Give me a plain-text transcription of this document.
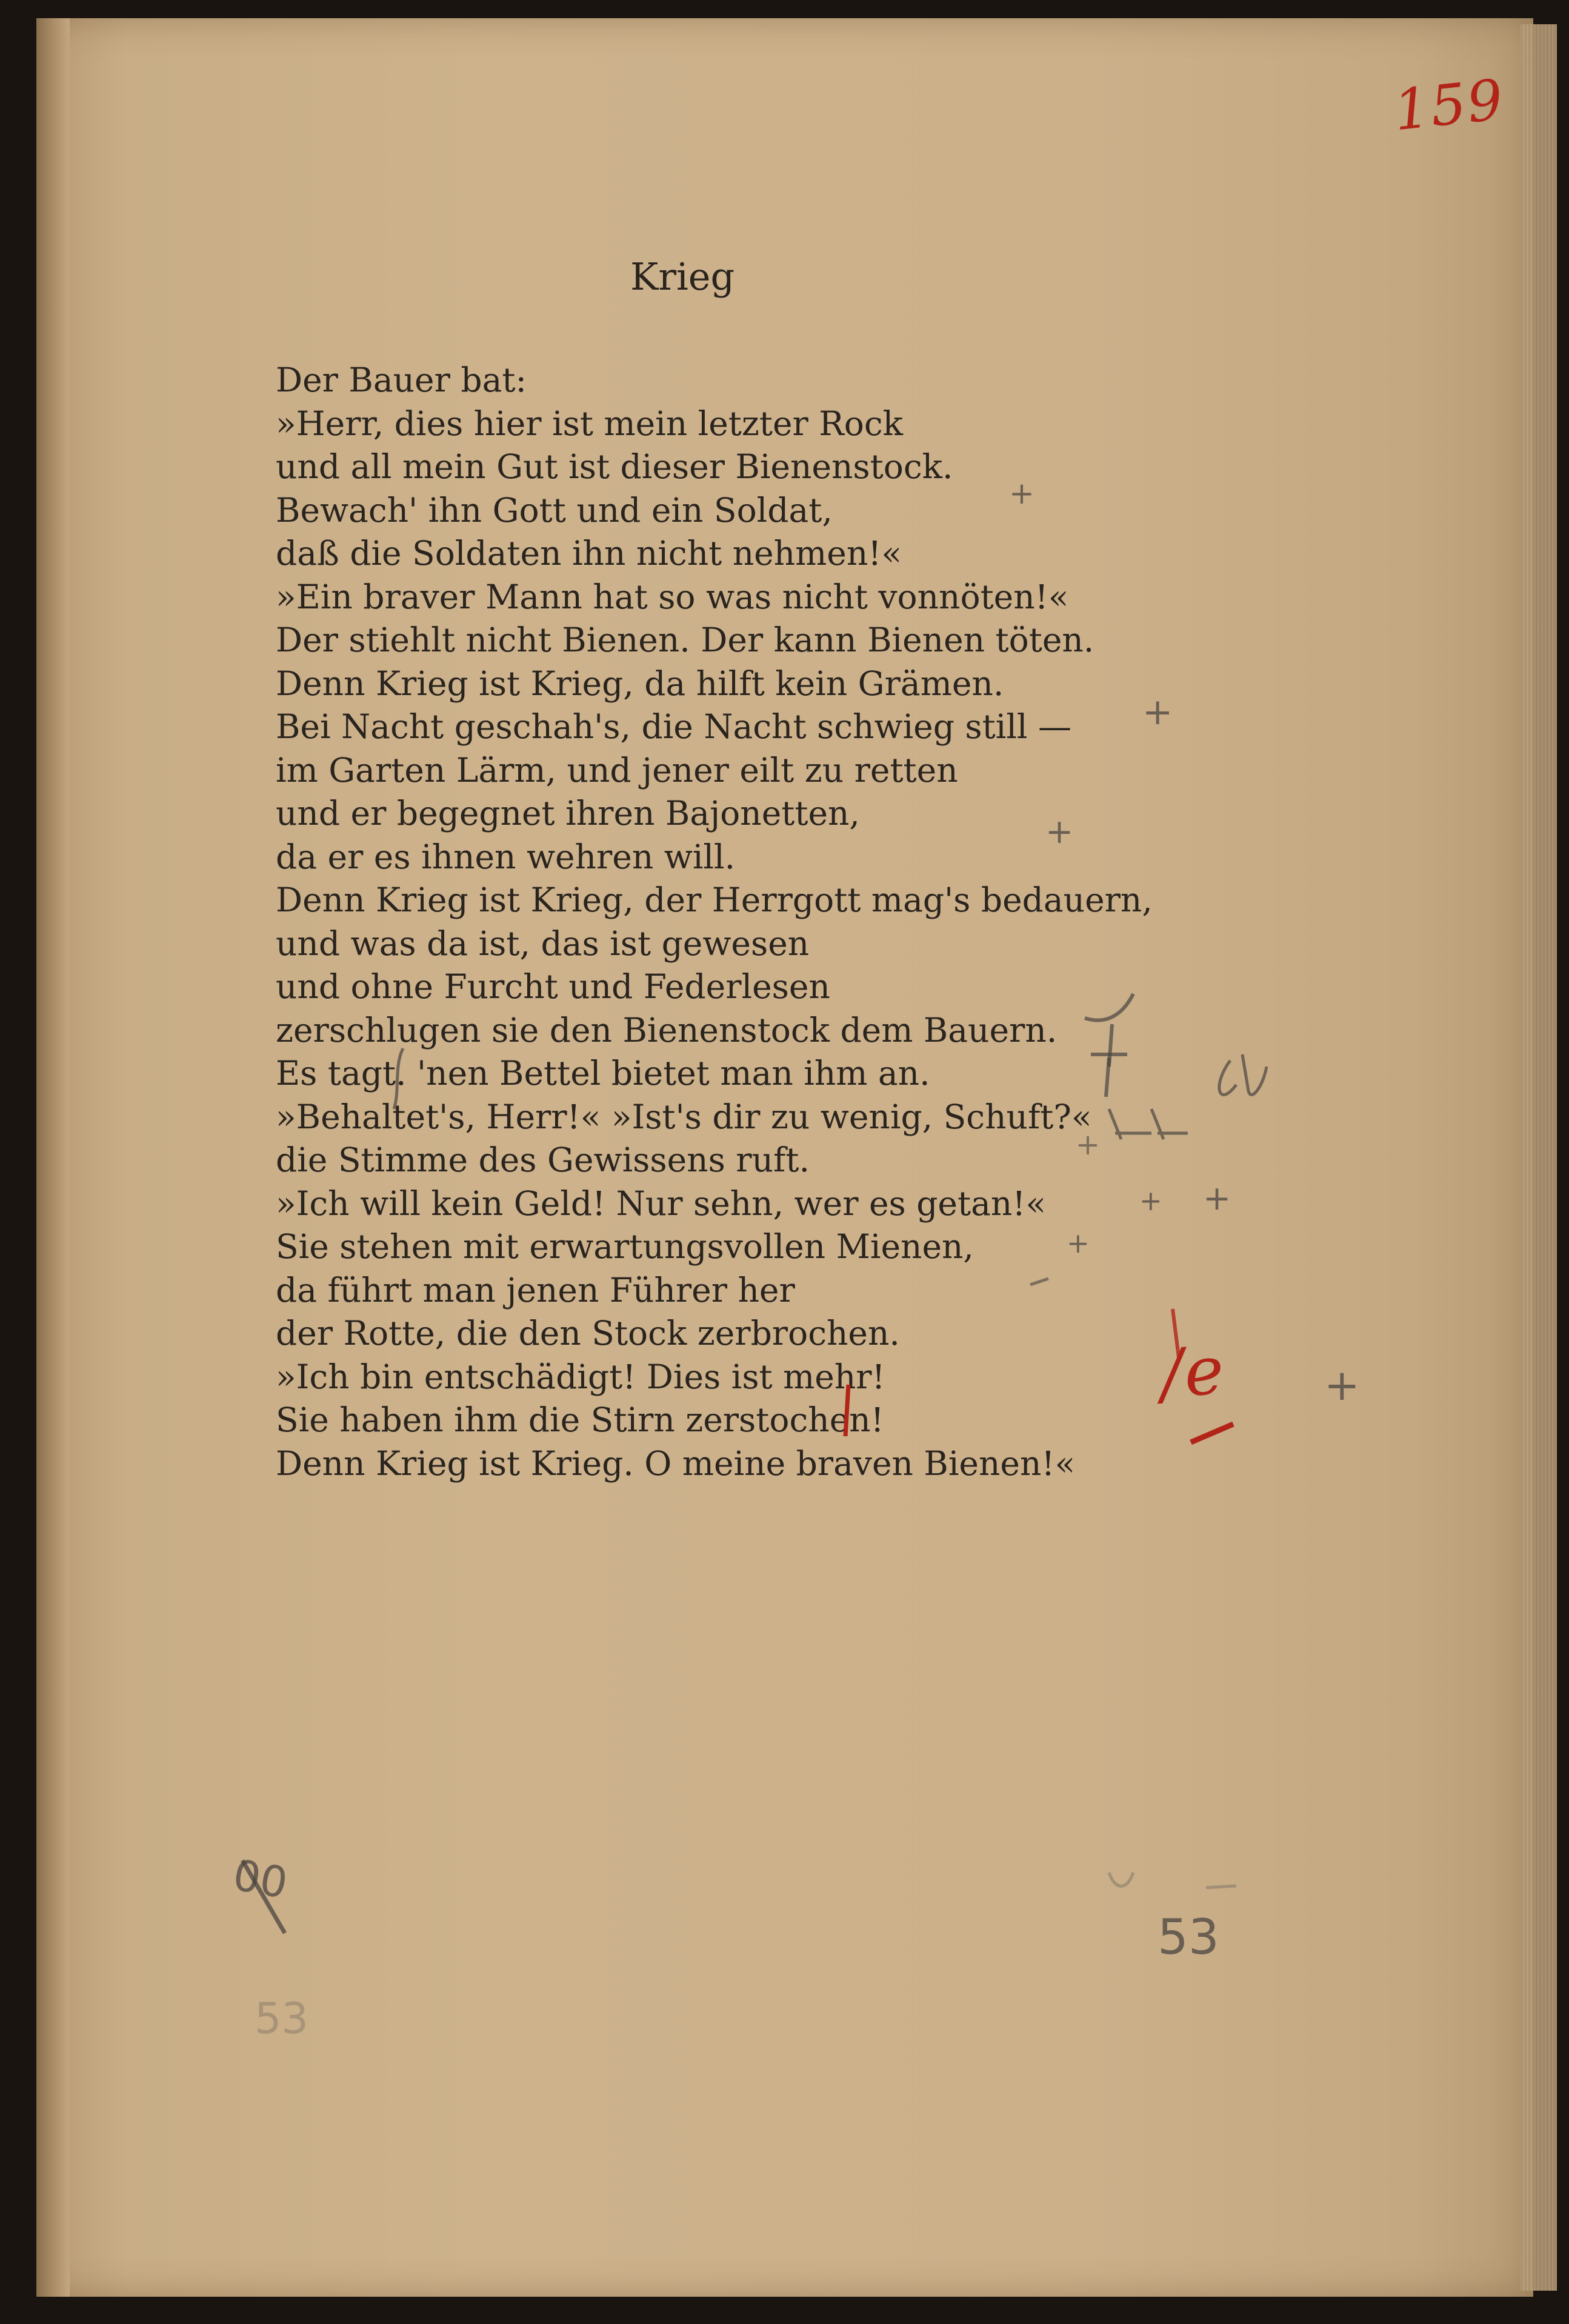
159
Krieg
Der Bauer bat:
»Herr, dies hier ist mein letzter Rock
und all mein Gut ist dieser Bienenstock.
Bewach' ihn Gott und ein Soldat,
daß die Soldaten ihn nicht nehmen!«
»Ein braver Mann hat so was nicht vonnöten!«
Der stiehlt nicht Bienen. Der kann Bienen töten.
Denn Krieg ist Krieg, da hilft kein Grämen.
Bei Nacht geschah's, die Nacht schwieg still —
im Garten Lärm, und jener eilt zu retten
und er begegnet ihren Bajonetten,
da er es ihnen wehren will.
Denn Krieg ist Krieg, der Herrgott mag's bedauern,
und was da ist, das ist gewesen
und ohne Furcht und Federlesen
zerschlugen sie den Bienenstock dem Bauern.
Es tagt. 'nen Bettel bietet man ihm an.
»Behaltet's, Herr!« »Ist's dir zu wenig, Schuft?«
die Stimme des Gewissens ruft.
»Ich will kein Geld! Nur sehn, wer es getan!«
Sie stehen mit erwartungsvollen Mienen,
da führt man jenen Führer her
der Rotte, die den Stock zerbrochen.
»Ich bin entschädigt! Dies ist mehr!
Sie haben ihm die Stirn zerstochen!
Denn Krieg ist Krieg. O meine braven Bienen!«
+
+
+
+ +
+
+
/e
53
53
00
